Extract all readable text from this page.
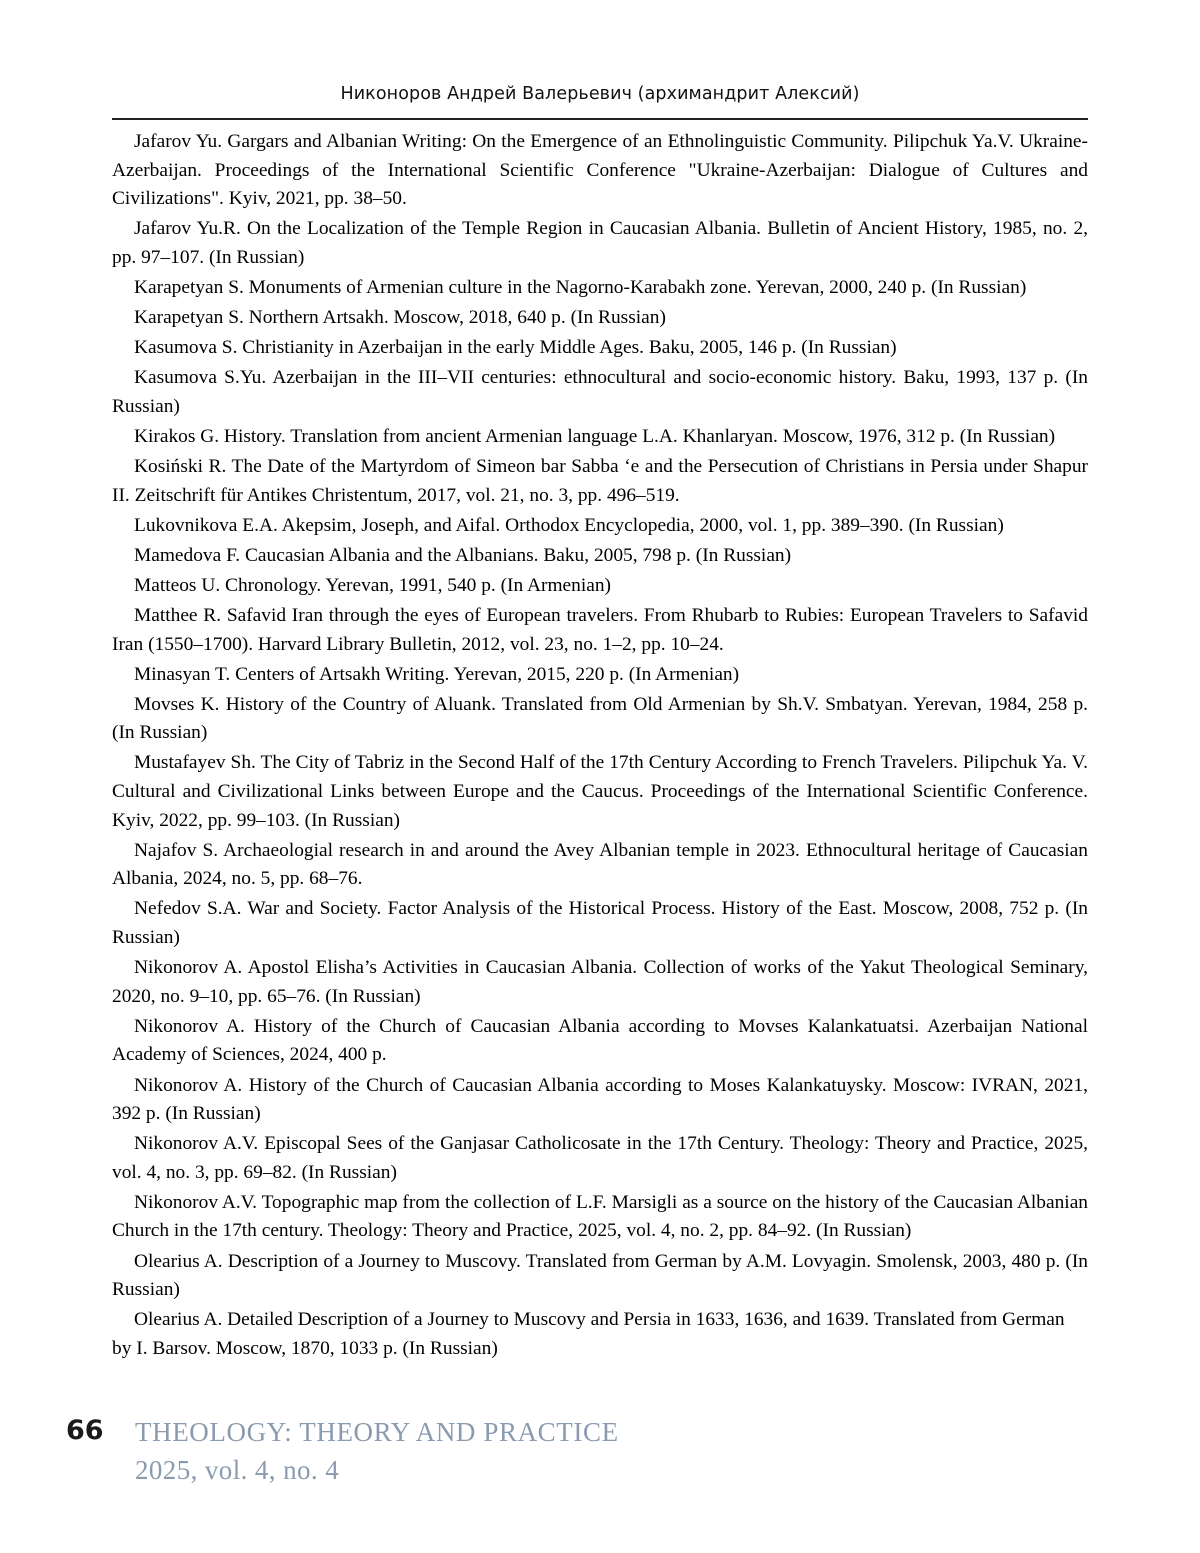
Никоноров Андрей Валерьевич (архимандрит Алексий)

Jafarov Yu. Gargars and Albanian Writing: On the Emergence of an Ethnolinguistic Community. Pilipchuk Ya.V. Ukraine-Azerbaijan. Proceedings of the International Scientific Conference "Ukraine-Azerbaijan: Dialogue of Cultures and Civilizations". Kyiv, 2021, pp. 38–50.

Jafarov Yu.R. On the Localization of the Temple Region in Caucasian Albania. Bulletin of Ancient History, 1985, no. 2, pp. 97–107. (In Russian)

Karapetyan S. Monuments of Armenian culture in the Nagorno-Karabakh zone. Yerevan, 2000, 240 p. (In Russian)

Karapetyan S. Northern Artsakh. Moscow, 2018, 640 p. (In Russian)

Kasumova S. Christianity in Azerbaijan in the early Middle Ages. Baku, 2005, 146 p. (In Russian)

Kasumova S.Yu. Azerbaijan in the III–VII centuries: ethnocultural and socio-economic history. Baku, 1993, 137 p. (In Russian)

Kirakos G. History. Translation from ancient Armenian language L.A. Khanlaryan. Moscow, 1976, 312 p. (In Russian)

Kosiński R. The Date of the Martyrdom of Simeon bar Sabba ‘e and the Persecution of Christians in Persia under Shapur II. Zeitschrift für Antikes Christentum, 2017, vol. 21, no. 3, pp. 496–519.

Lukovnikova E.A. Akepsim, Joseph, and Aifal. Orthodox Encyclopedia, 2000, vol. 1, pp. 389–390. (In Russian)

Mamedova F. Caucasian Albania and the Albanians. Baku, 2005, 798 p. (In Russian)

Matteos U. Chronology. Yerevan, 1991, 540 p. (In Armenian)

Matthee R. Safavid Iran through the eyes of European travelers. From Rhubarb to Rubies: European Travelers to Safavid Iran (1550–1700). Harvard Library Bulletin, 2012, vol. 23, no. 1–2, pp. 10–24.

Minasyan T. Centers of Artsakh Writing. Yerevan, 2015, 220 p. (In Armenian)

Movses K. History of the Country of Aluank. Translated from Old Armenian by Sh.V. Smbatyan. Yerevan, 1984, 258 p. (In Russian)

Mustafayev Sh. The City of Tabriz in the Second Half of the 17th Century According to French Travelers. Pilipchuk Ya. V. Cultural and Civilizational Links between Europe and the Caucus. Proceedings of the International Scientific Conference. Kyiv, 2022, pp. 99–103. (In Russian)

Najafov S. Archaeologial research in and around the Avey Albanian temple in 2023. Ethnocultural heritage of Caucasian Albania, 2024, no. 5, pp. 68–76.

Nefedov S.A. War and Society. Factor Analysis of the Historical Process. History of the East. Moscow, 2008, 752 p. (In Russian)

Nikonorov A. Apostol Elisha’s Activities in Caucasian Albania. Collection of works of the Yakut Theological Seminary, 2020, no. 9–10, pp. 65–76. (In Russian)

Nikonorov A. History of the Church of Caucasian Albania according to Movses Kalankatuatsi. Azerbaijan National Academy of Sciences, 2024, 400 p.

Nikonorov A. History of the Church of Caucasian Albania according to Moses Kalankatuysky. Moscow: IVRAN, 2021, 392 p. (In Russian)

Nikonorov A.V. Episcopal Sees of the Ganjasar Catholicosate in the 17th Century. Theology: Theory and Practice, 2025, vol. 4, no. 3, pp. 69–82. (In Russian)

Nikonorov A.V. Topographic map from the collection of L.F. Marsigli as a source on the history of the Caucasian Albanian Church in the 17th century. Theology: Theory and Practice, 2025, vol. 4, no. 2, pp. 84–92. (In Russian)

Olearius A. Description of a Journey to Muscovy. Translated from German by A.M. Lovyagin. Smolensk, 2003, 480 p. (In Russian)

Olearius A. Detailed Description of a Journey to Muscovy and Persia in 1633, 1636, and 1639. Translated from German by I. Barsov. Moscow, 1870, 1033 p. (In Russian)

66 THEOLOGY: THEORY AND PRACTICE
2025, vol. 4, no. 4
